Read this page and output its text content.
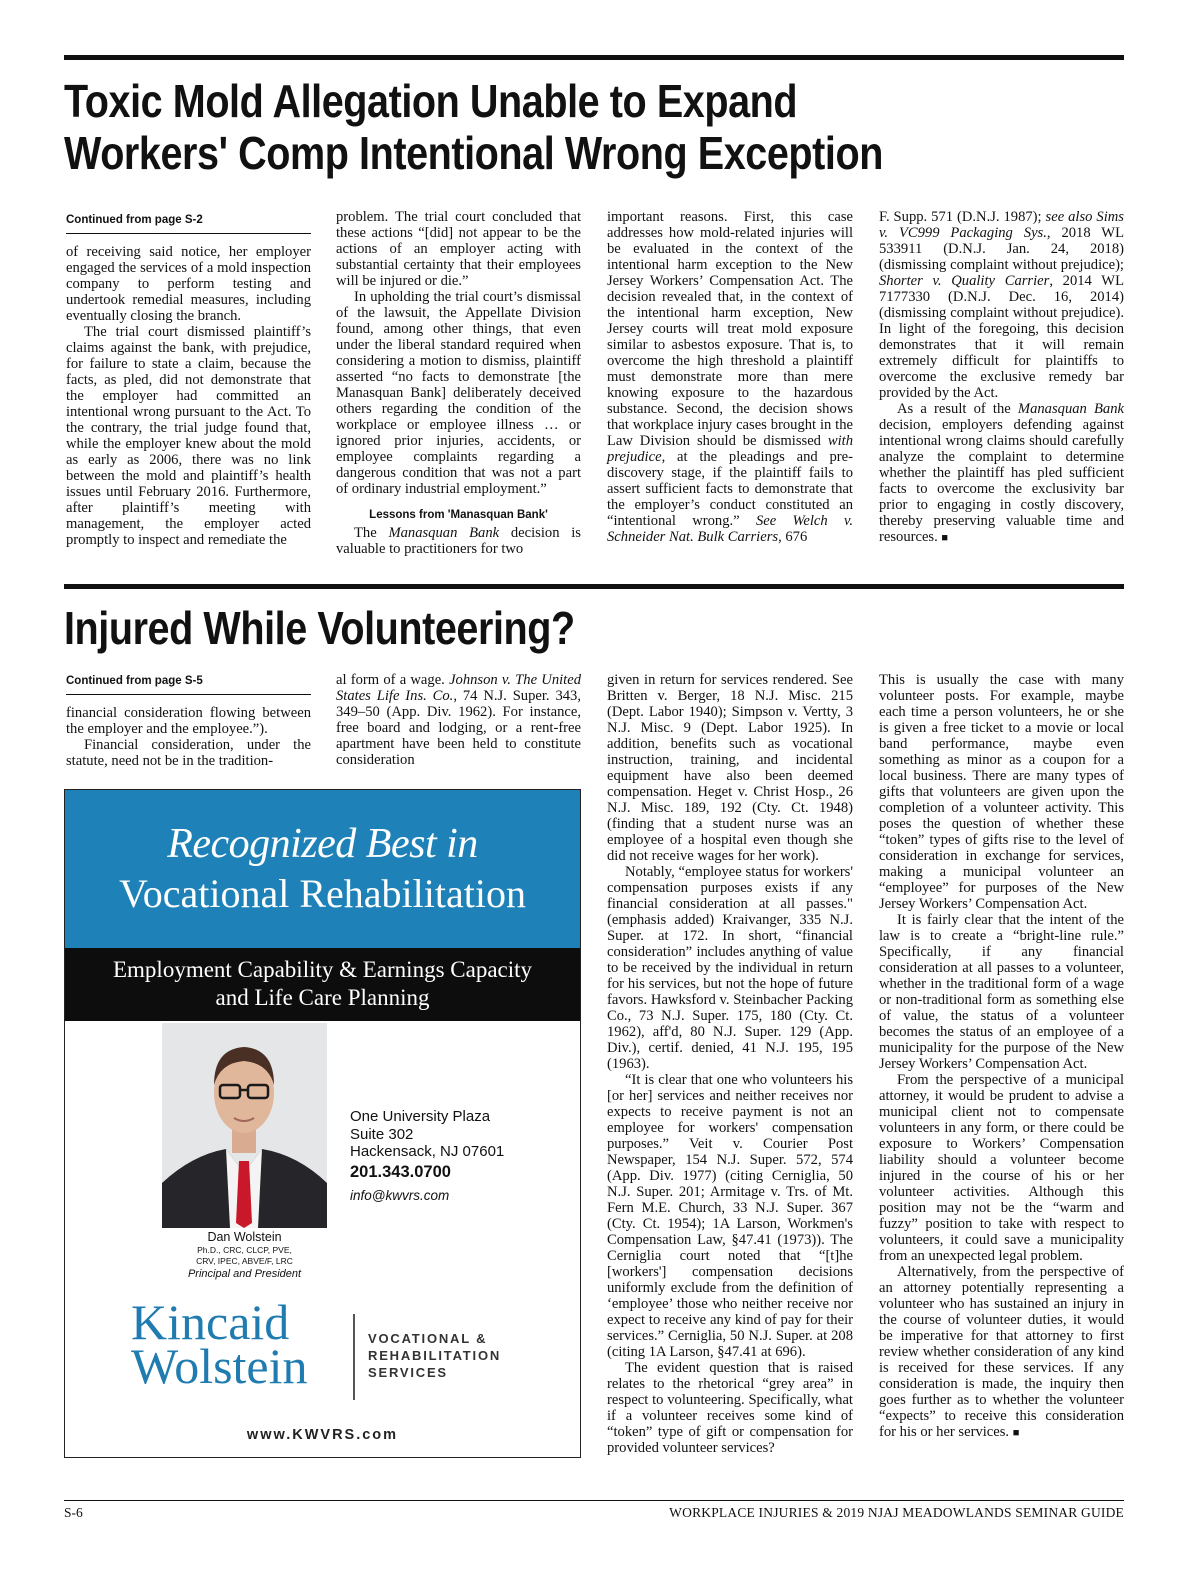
Toxic Mold Allegation Unable to Expand
Workers' Comp Intentional Wrong Exception
Continued from page S-2

of receiving said notice, her employer engaged the services of a mold inspection company to perform testing and undertook remedial measures, including eventually closing the branch.

The trial court dismissed plaintiff’s claims against the bank, with prejudice, for failure to state a claim, because the facts, as pled, did not demonstrate that the employer had committed an intentional wrong pursuant to the Act. To the contrary, the trial judge found that, while the employer knew about the mold as early as 2006, there was no link between the mold and plaintiff’s health issues until February 2016. Furthermore, after plaintiff’s meeting with management, the employer acted promptly to inspect and remediate the

problem. The trial court concluded that these actions “[did] not appear to be the actions of an employer acting with substantial certainty that their employees will be injured or die.”

In upholding the trial court’s dismissal of the lawsuit, the Appellate Division found, among other things, that even under the liberal standard required when considering a motion to dismiss, plaintiff asserted “no facts to demonstrate [the Manasquan Bank] deliberately deceived others regarding the condition of the workplace or employee illness … or ignored prior injuries, accidents, or employee complaints regarding a dangerous condition that was not a part of ordinary industrial employment.”

Lessons from 'Manasquan Bank'

The Manasquan Bank decision is valuable to practitioners for two

important reasons. First, this case addresses how mold-related injuries will be evaluated in the context of the intentional harm exception to the New Jersey Workers’ Compensation Act. The decision revealed that, in the context of the intentional harm exception, New Jersey courts will treat mold exposure similar to asbestos exposure. That is, to overcome the high threshold a plaintiff must demonstrate more than mere knowing exposure to the hazardous substance. Second, the decision shows that workplace injury cases brought in the Law Division should be dismissed with prejudice, at the pleadings and pre-discovery stage, if the plaintiff fails to assert sufficient facts to demonstrate that the employer’s conduct constituted an “intentional wrong.” See Welch v. Schneider Nat. Bulk Carriers, 676

F. Supp. 571 (D.N.J. 1987); see also Sims v. VC999 Packaging Sys., 2018 WL 533911 (D.N.J. Jan. 24, 2018) (dismissing complaint without prejudice); Shorter v. Quality Carrier, 2014 WL 7177330 (D.N.J. Dec. 16, 2014) (dismissing complaint without prejudice). In light of the foregoing, this decision demonstrates that it will remain extremely difficult for plaintiffs to overcome the exclusive remedy bar provided by the Act.

As a result of the Manasquan Bank decision, employers defending against intentional wrong claims should carefully analyze the complaint to determine whether the plaintiff has pled sufficient facts to overcome the exclusivity bar prior to engaging in costly discovery, thereby preserving valuable time and resources. ■

Injured While Volunteering?
Continued from page S-5

financial consideration flowing between the employer and the employee.”).

Financial consideration, under the statute, need not be in the tradition-

al form of a wage. Johnson v. The United States Life Ins. Co., 74 N.J. Super. 343, 349–50 (App. Div. 1962). For instance, free board and lodging, or a rent-free apartment have been held to constitute consideration

given in return for services rendered. See Britten v. Berger, 18 N.J. Misc. 215 (Dept. Labor 1940); Simpson v. Vertty, 3 N.J. Misc. 9 (Dept. Labor 1925). In addition, benefits such as vocational instruction, training, and incidental equipment have also been deemed compensation. Heget v. Christ Hosp., 26 N.J. Misc. 189, 192 (Cty. Ct. 1948) (finding that a student nurse was an employee of a hospital even though she did not receive wages for her work).

Notably, “employee status for workers' compensation purposes exists if any financial consideration at all passes." (emphasis added) Kraivanger, 335 N.J. Super. at 172. In short, “financial consideration” includes anything of value to be received by the individual in return for his services, but not the hope of future favors. Hawksford v. Steinbacher Packing Co., 73 N.J. Super. 175, 180 (Cty. Ct. 1962), aff'd, 80 N.J. Super. 129 (App. Div.), certif. denied, 41 N.J. 195, 195 (1963).

“It is clear that one who volunteers his [or her] services and neither receives nor expects to receive payment is not an employee for workers' compensation purposes.” Veit v. Courier Post Newspaper, 154 N.J. Super. 572, 574 (App. Div. 1977) (citing Cerniglia, 50 N.J. Super. 201; Armitage v. Trs. of Mt. Fern M.E. Church, 33 N.J. Super. 367 (Cty. Ct. 1954); 1A Larson, Workmen's Compensation Law, §47.41 (1973)). The Cerniglia court noted that “[t]he [workers'] compensation decisions uniformly exclude from the definition of ‘employee’ those who neither receive nor expect to receive any kind of pay for their services.” Cerniglia, 50 N.J. Super. at 208 (citing 1A Larson, §47.41 at 696).

The evident question that is raised relates to the rhetorical “grey area” in respect to volunteering. Specifically, what if a volunteer receives some kind of “token” type of gift or compensation for provided volunteer services?

This is usually the case with many volunteer posts. For example, maybe each time a person volunteers, he or she is given a free ticket to a movie or local band performance, maybe even something as minor as a coupon for a local business. There are many types of gifts that volunteers are given upon the completion of a volunteer activity. This poses the question of whether these “token” types of gifts rise to the level of consideration in exchange for services, making a municipal volunteer an “employee” for purposes of the New Jersey Workers’ Compensation Act.

It is fairly clear that the intent of the law is to create a “bright-line rule.” Specifically, if any financial consideration at all passes to a volunteer, whether in the traditional form of a wage or non-traditional form as something else of value, the status of a volunteer becomes the status of an employee of a municipality for the purpose of the New Jersey Workers’ Compensation Act.

From the perspective of a municipal attorney, it would be prudent to advise a municipal client not to compensate volunteers in any form, or there could be exposure to Workers’ Compensation liability should a volunteer become injured in the course of his or her volunteer activities. Although this position may not be the “warm and fuzzy” position to take with respect to volunteers, it could save a municipality from an unexpected legal problem.

Alternatively, from the perspective of an attorney potentially representing a volunteer who has sustained an injury in the course of volunteer duties, it would be imperative for that attorney to first review whether consideration of any kind is received for these services. If any consideration is made, the inquiry then goes further as to whether the volunteer “expects” to receive this consideration for his or her services. ■

Recognized Best in
Vocational Rehabilitation
Employment Capability & Earnings Capacity
and Life Care Planning
Dan Wolstein
Ph.D., CRC, CLCP, PVE,
CRV, IPEC, ABVE/F, LRC
Principal and President
One University Plaza
Suite 302
Hackensack, NJ 07601
201.343.0700
info@kwvrs.com
Kincaid
Wolstein	VOCATIONAL &
REHABILITATION
SERVICES
www.KWVRS.com
S-6	WORKPLACE INJURIES & 2019 NJAJ MEADOWLANDS SEMINAR GUIDE
